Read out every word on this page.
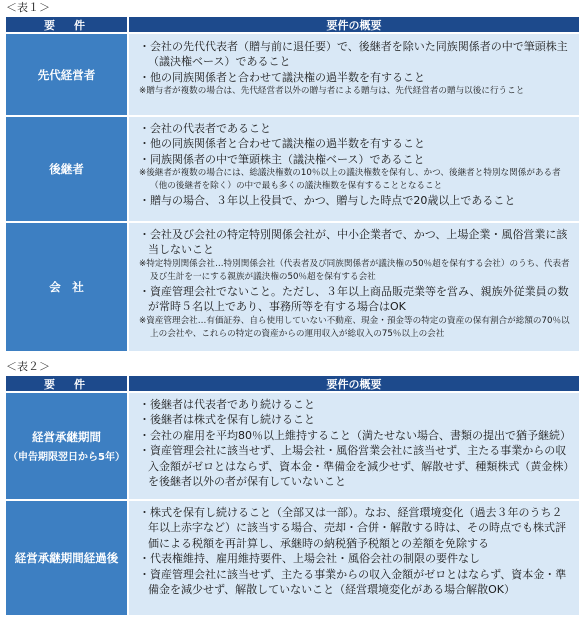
＜表１＞
要　件	要件の概要
先代経営者
・会社の先代代表者（贈与前に退任要）で、後継者を除いた同族関係者の中で筆頭株主（議決権ベース）であること
・他の同族関係者と合わせて議決権の過半数を有すること
※贈与者が複数の場合は、先代経営者以外の贈与者による贈与は、先代経営者の贈与以後に行うこと
後継者
・会社の代表者であること
・他の同族関係者と合わせて議決権の過半数を有すること
・同族関係者の中で筆頭株主（議決権ベース）であること
※後継者が複数の場合には、総議決権数の10％以上の議決権数を保有し、かつ、後継者と特別な関係がある者（他の後継者を除く）の中で最も多くの議決権数を保有することとなること
・贈与の場合、３年以上役員で、かつ、贈与した時点で20歳以上であること
会　社
・会社及び会社の特定特別関係会社が、中小企業者で、かつ、上場企業・風俗営業に該当しないこと
※特定特別関係会社…特別関係会社（代表者及び同族関係者が議決権の50％超を保有する会社）のうち、代表者及び生計を一にする親族が議決権の50％超を保有する会社
・資産管理会社でないこと。ただし、３年以上商品販売業等を営み、親族外従業員の数が常時５名以上であり、事務所等を有する場合はOK
※資産管理会社…有価証券、自ら使用していない不動産、現金・預金等の特定の資産の保有割合が総額の70％以上の会社や、これらの特定の資産からの運用収入が総収入の75％以上の会社
＜表２＞
要　件	要件の概要
経営承継期間
（申告期限翌日から5年）
・後継者は代表者であり続けること
・後継者は株式を保有し続けること
・会社の雇用を平均80％以上維持すること（満たせない場合、書類の提出で猶予継続）
・資産管理会社に該当せず、上場会社・風俗営業会社に該当せず、主たる事業からの収入金額がゼロとはならず、資本金・準備金を減少せず、解散せず、種類株式（黄金株）を後継者以外の者が保有していないこと
経営承継期間経過後
・株式を保有し続けること（全部又は一部）。なお、経営環境変化（過去３年のうち２年以上赤字など）に該当する場合、売却・合併・解散する時は、その時点でも株式評価による税額を再計算し、承継時の納税猶予税額との差額を免除する
・代表権維持、雇用維持要件、上場会社・風俗会社の制限の要件なし
・資産管理会社に該当せず、主たる事業からの収入金額がゼロとはならず、資本金・準備金を減少せず、解散していないこと（経営環境変化がある場合解散OK）
